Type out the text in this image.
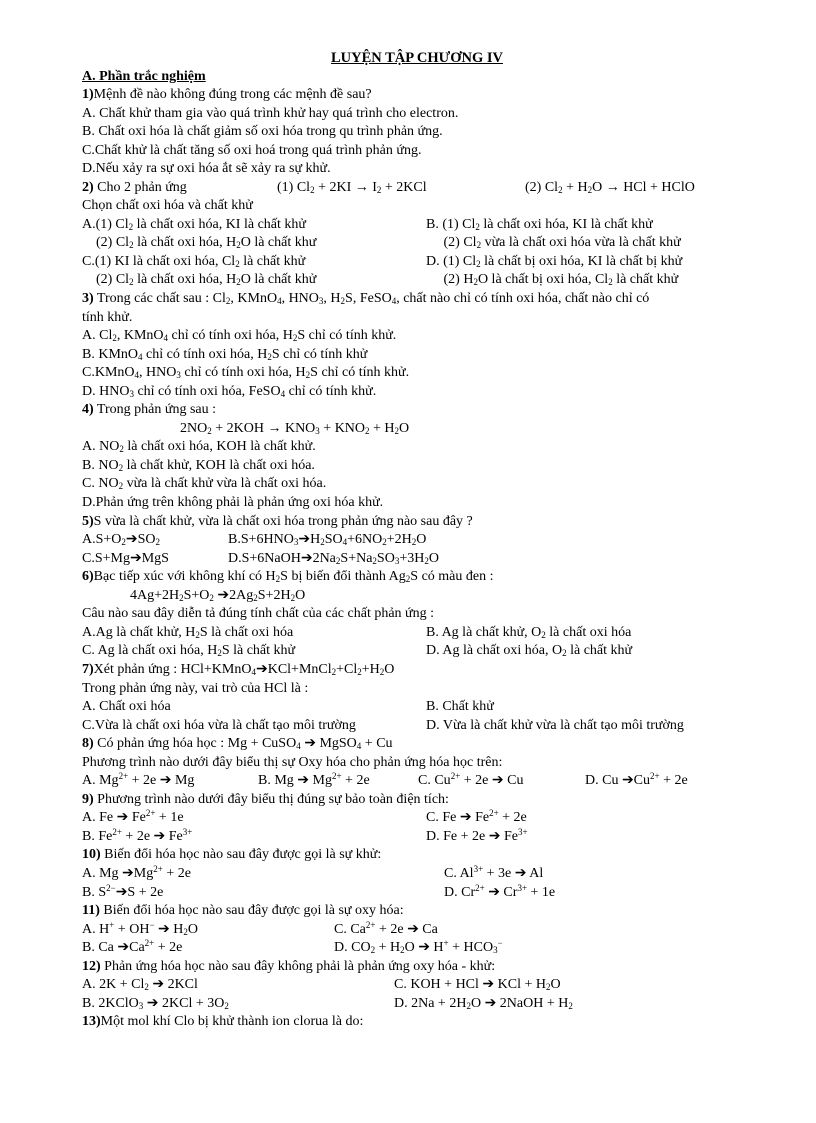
LUYỆN TẬP CHƯƠNG IV
A. Phần trắc nghiệm
1)Mệnh đề nào không đúng trong các mệnh đề sau?
A. Chất khử tham gia vào quá trình khử hay quá trình cho electron.
B. Chất oxi hóa là chất giảm số oxi hóa trong qu trình phản ứng.
C.Chất khử là chất tăng số oxi hoá trong quá trình phản ứng.
D.Nếu xảy ra sự oxi hóa ắt sẽ xảy ra sự khử.
2) Cho 2 phản ứng	(1) $Cl_2 + 2KI \to I_2 + 2KCl$	(2) $Cl_2 + H_2O$ → HCl + HClO
Chọn chất oxi hóa và chất khử
A.(1) $Cl_2$ là chất oxi hóa, KI là chất khử	B. (1) $Cl_2$ là chất oxi hóa, KI là chất khử
(2) $Cl_2$ là chất oxi hóa, $H_2O$ là chất khư	(2) $Cl_2$ vừa là chất oxi hóa vừa là chất khử
C.(1) KI là chất oxi hóa, $Cl_2$ là chất khử	D. (1) $Cl_2$ là chất bị oxi hóa, KI là chất bị khử
(2) $Cl_2$ là chất oxi hóa, $H_2O$ là chất khử	(2) $H_2O$ là chất bị oxi hóa, $Cl_2$ là chất khử
3) Trong các chất sau : $Cl_2$, KMnO$_4$, $HNO_3$, $H_2S$, FeSO$_4$, chất nào chỉ có tính oxi hóa, chất nào chỉ có
tính khử.
A. $Cl_2$, KMnO$_4$ chỉ có tính oxi hóa, $H_2S$ chỉ có tính khử.
B. KMnO$_4$ chỉ có tính oxi hóa, $H_2S$ chỉ có tính khử
C.KMnO$_4$, $HNO_3$ chỉ có tính oxi hóa, $H_2S$ chỉ có tính khử.
D. $HNO_3$ chỉ có tính oxi hóa, FeSO$_4$ chỉ có tính khử.
4) Trong phản ứng sau :
$2NO_2 + 2KOH \to KNO_3 + KNO_2 + H_2O$
A. $NO_2$ là chất oxi hóa, KOH là chất khử.
B. $NO_2$ là chất khử, KOH là chất oxi hóa.
C. $NO_2$ vừa là chất khử vừa là chất oxi hóa.
D.Phản ứng trên không phải là phản ứng oxi hóa khử.
5)S vừa là chất khử, vừa là chất oxi hóa trong phản ứng nào sau đây ?
$A.S+O_2➔SO_2$	$B.S+6HNO_3➔H_2SO_4+6NO_2+2H_2O$
C.S+Mg➔MgS	$D.S+6NaOH➔2Na_2S+Na_2SO_3+3H_2O$
6)Bạc tiếp xúc với không khí có $H_2S$ bị biến đổi thành $Ag_2S$ có màu đen :
$4Ag+2H_2S+O_2$ $➔2Ag_2S+2H_2O$
Câu nào sau đây diễn tả đúng tính chất của các chất phản ứng :
A.Ag là chất khử, $H_2S$ là chất oxi hóa	B. Ag là chất khử, $O_2$ là chất oxi hóa
C. Ag là chất oxi hóa, $H_2S$ là chất khử	D. Ag là chất oxi hóa, $O_2$ là chất khử
7)Xét phản ứng : $HCl+KMnO_4➔KCl+MnCl_2+Cl_2+H_2O$
Trong phản ứng này, vai trò của HCl là :
A. Chất oxi hóa	B. Chất khử
C.Vừa là chất oxi hóa vừa là chất tạo môi trường	D. Vừa là chất khử vừa là chất tạo môi trường
8) Có phản ứng hóa học : Mg + CuSO$_4$ ➔ MgSO$_4$ + Cu
Phương trình nào dưới đây biểu thị sự Oxy hóa cho phản ứng hóa học trên:
A. $Mg^{2+} + 2e$ ➔ Mg	B. Mg ➔ $Mg^{2+} + 2e$	C. $Cu^{2+} + 2e$ ➔ Cu	D. Cu $➔Cu^{2+} + 2e$
9) Phương trình nào dưới đây biểu thị đúng sự bảo toàn điện tích:
A. Fe ➔ $Fe^{2+} + 1e$	C. Fe ➔ $Fe^{2+} + 2e$
B. $Fe^{2+} + 2e$ ➔ $Fe^{3+}$	D. Fe + 2e ➔ $Fe^{3+}$
10) Biến đổi hóa học nào sau đây được gọi là sự khử:
A. Mg $➔Mg^{2+} + 2e$	C. $Al^{3+} + 3e$ ➔ Al
B. $S^{2-}➔S + 2e$	D. $Cr^{2+}$ ➔ $Cr^{3+} + 1e$
11) Biến đổi hóa học nào sau đây được gọi là sự oxy hóa:
A. H+ + OH− ➔ $H_2O$	C. $Ca^{2+} + 2e$ ➔ Ca
B. Ca $➔Ca^{2+} + 2e$	D. $CO_2 + H_2O$ ➔ $H^+ + HCO_3^-$
12) Phản ứng hóa học nào sau đây không phải là phản ứng oxy hóa - khử:
A. $2K + Cl_2$ ➔ 2KCl	C. KOH + HCl ➔ KCl + $H_2O$
B. 2KClO$_3$ ➔ $2KCl + 3O_2$	D. $2Na + 2H_2O$ ➔ 2NaOH + $H_2$
13)Một mol khí Clo bị khử thành ion clorua là do:
